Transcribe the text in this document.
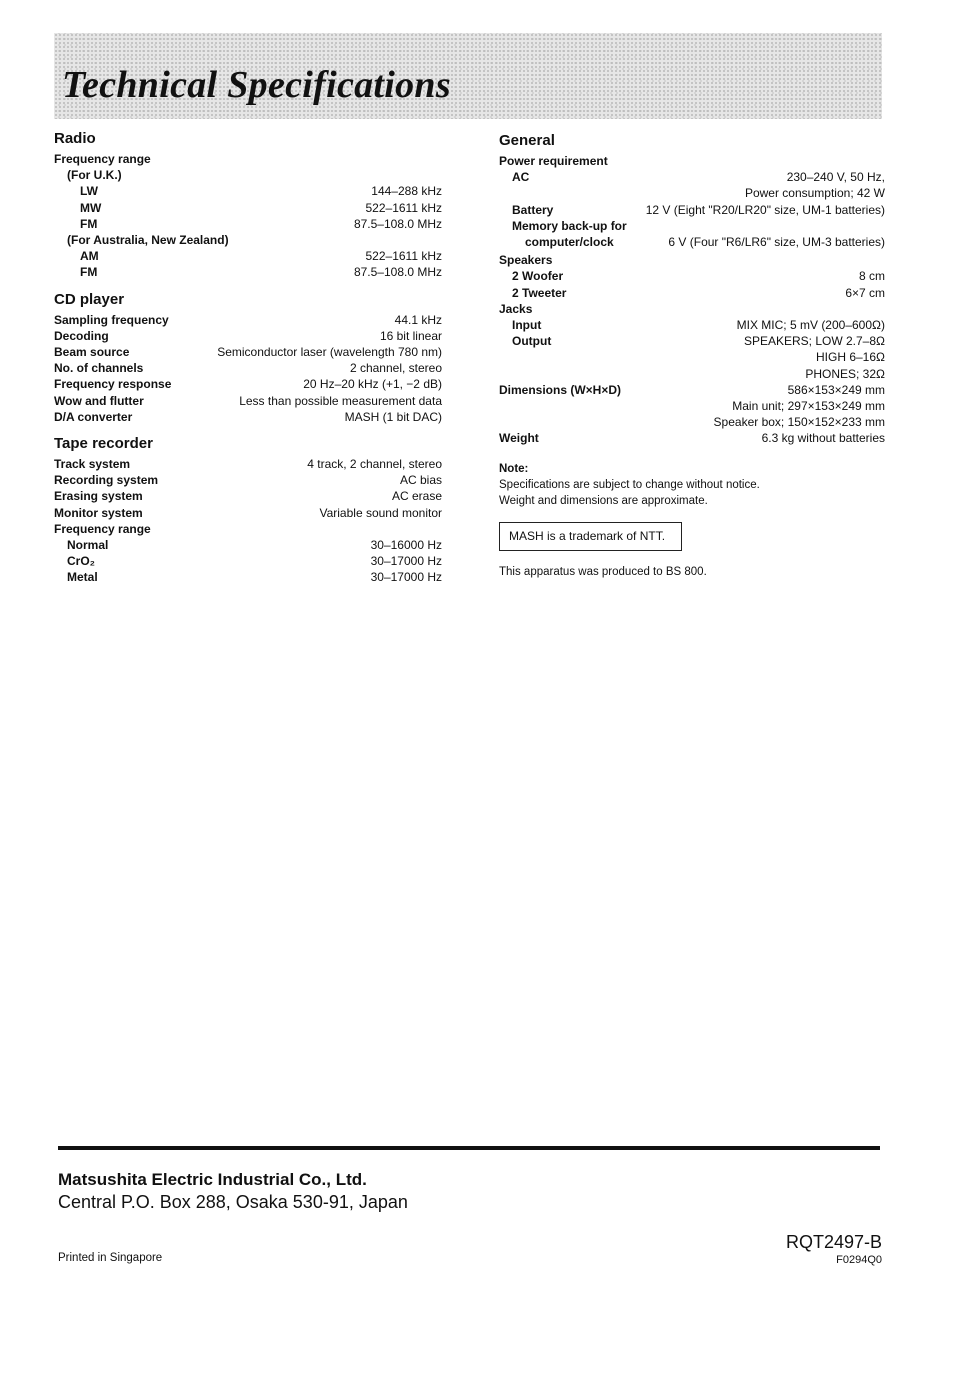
Technical Specifications
Radio
Frequency range
(For U.K.)
LW	144–288 kHz
MW	522–1611 kHz
FM	87.5–108.0 MHz
(For Australia, New Zealand)
AM	522–1611 kHz
FM	87.5–108.0 MHz
CD player
Sampling frequency	44.1 kHz
Decoding	16 bit linear
Beam source	Semiconductor laser (wavelength 780 nm)
No. of channels	2 channel, stereo
Frequency response	20 Hz–20 kHz (+1, −2 dB)
Wow and flutter	Less than possible measurement data
D/A converter	MASH (1 bit DAC)
Tape recorder
Track system	4 track, 2 channel, stereo
Recording system	AC bias
Erasing system	AC erase
Monitor system	Variable sound monitor
Frequency range
Normal	30–16000 Hz
CrO₂	30–17000 Hz
Metal	30–17000 Hz
General
Power requirement
AC	230–240 V, 50 Hz,
Power consumption; 42 W
Battery	12 V (Eight "R20/LR20" size, UM-1 batteries)
Memory back-up for
computer/clock	6 V (Four "R6/LR6" size, UM-3 batteries)
Speakers
2 Woofer	8 cm
2 Tweeter	6×7 cm
Jacks
Input	MIX MIC; 5 mV (200–600Ω)
Output	SPEAKERS; LOW 2.7–8Ω
HIGH 6–16Ω
PHONES; 32Ω
Dimensions (W×H×D)	586×153×249 mm
Main unit; 297×153×249 mm
Speaker box; 150×152×233 mm
Weight	6.3 kg without batteries
Note:
Specifications are subject to change without notice.
Weight and dimensions are approximate.
MASH is a trademark of NTT.
This apparatus was produced to BS 800.
Matsushita Electric Industrial Co., Ltd.
Central P.O. Box 288, Osaka 530-91, Japan
Printed in Singapore
RQT2497-B
F0294Q0
